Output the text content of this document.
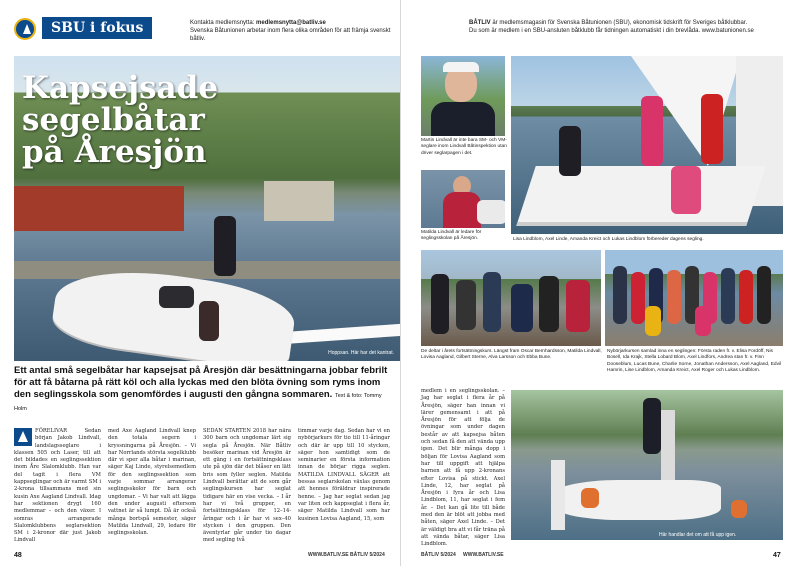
SBU i fokus	Kontakta medlemsnytta: medlemsnytta@batliv.se
Svenska Båtunionen arbetar inom flera olika områden för att främja svenskt båtliv.
Hoppsan. Här har det kantrat.
Kapsejsade segelbåtar
på Åresjön
Ett antal små segelbåtar har kapsejsat på Åresjön där besättningarna jobbar febrilt för att få båtarna på rätt köl och alla lyckas med den blöta övning som ryms inom den seglingsskola som genomfördes i augusti den gångna sommaren. Text & foto: Tommy Holm
FÖRELIVAR Sedan början Jakob Lindvall, landslagsseglare i klassen 505 och Laser, till att det bildades en seglingssektion inom Åre Slalomklubb. Han var del tagit i flera VM kappseglingar och är varmt SM i 2-krona tillsammans med sin kusin Axe Aagland Lindvall. Idag har sektionen drygt 160 medlemmar – och den växer. I somras arrangerade Slalomklubbens seglarsektion SM i 2-kronor där just Jakob Lindvall
med Axe Aagland Lindvall knep den totala segern i kryssningarna på Åresjön. – Vi har Norrlands största segelklubb där vi sper alla båtar i marinan, säger Kaj Linde, styrelsemedlem för den seglingssektion som varje sommar arrangerar seglingsskolor för barn och ungdomar. – Vi har valt att lägga den under augusti eftersom vattnet är så lumpt. Då är också många bortspå semester, säger Matilda Lindvall, 29, ledare för seglingsskolan.
SEDAN STARTEN 2018 har nära 300 barn och ungdomar lärt sig segla på Åresjön. När Båtliv besöker marinan vid Åresjön är ett gäng i en fortsättningsklass ute på sjön där det blåser en lätt bris som fyller seglen. Matilda Lindvall berättar att de som går seglingskursen har seglat tidigare här en vise vecka. – I år har vi två grupper, en fortsättningsklass för 12–14-åringar och i år har vi sex–40 stycken i den gruppen. Den äventyrlar går under tio dagar med segling två
timmar varje dag. Sedan har vi en nybörjarkurs för tio till 11-åringar och där är upp till 10 stycken, säger hon samtidigt som de seminarier en första information innan de börjar rigga seglen. MATILDA LINDVALL SÄGER att bessas seglarskolan växlas genom att hennes föräldrar inspirerade henne. – Jag har seglat sedan jag var liten och kappseglat i flera år, säger Matilda Lindvall som har kusinen Lovisa Aagland, 15, som
48	WWW.BATLIV.SE BÅTLIV 5/2024
BÅTLIV är medlemsmagasin för Svenska Båtunionen (SBU), ekonomisk tidskrift för Sveriges båtklubbar.
Du som är medlem i en SBU-ansluten båtklubb får tidningen automatiskt i din brevlåda. www.batunionen.se
Martin Lindvall är inte bara SM- och VM-seglare inom Lindvall Båtinspektion utan driver seglarpagen i det.
Matilda Lindvall är ledare för seglingsskolan på Åresjön.	Lisa Lindblom, Axel Linde, Amanda Kreict och Lukas Lindblom förbereder dagens segling.
De deltar i årets fortsättningskurs. Längst fram Oscar Bernhardsson, Matilda Lindvall, Lovisa Aagland, Gilbert Sterne, Alva Larsson och Ebba Bune.
Nybörjarkursen samlad inna en seglingen: Första raden fr. v. Elisa Fordöff, Nis Bosell, Ida Krajk, Stella Lobard Blom, Axel Lindfors, Andrea stan fr. v. Finn Dooseblum, Lucas Bune, Charlie Sorne, Jonathan Andersson, Axel Aagland, Edvil Hamrin, Lise Lindblom, Amanda Kreict, Axel Roger och Lukas Lindblom.
medlem i en seglingsskolan. – Jag har seglat i flera år på Åresjön, säger han innan vi lärer gemensamt i att på Åresjön för att följa de övningar som under dagen består av att kapsejsa båten och sedan få den att vända upp igen. Det blir många dopp i böljan för Lovisa Aagland som har till uppgift att hjälpa barnen att få upp 2-kronans efter Lovisa på stickt. Axel Linde, 12, har seglat på Åresjön i fyra år och Lisa Lindblom, 11, har seglat i fem år. – Det kan gå lite till både med den är blöt att jobba med båten, säger Axel Linde. – Det är väldigt bra att vi får träna på att vända båtar, säger Lisa Lindblom.
Här handlar det om att få upp igen.
BÅTLIV 5/2024 WWW.BATLIV.SE	47
